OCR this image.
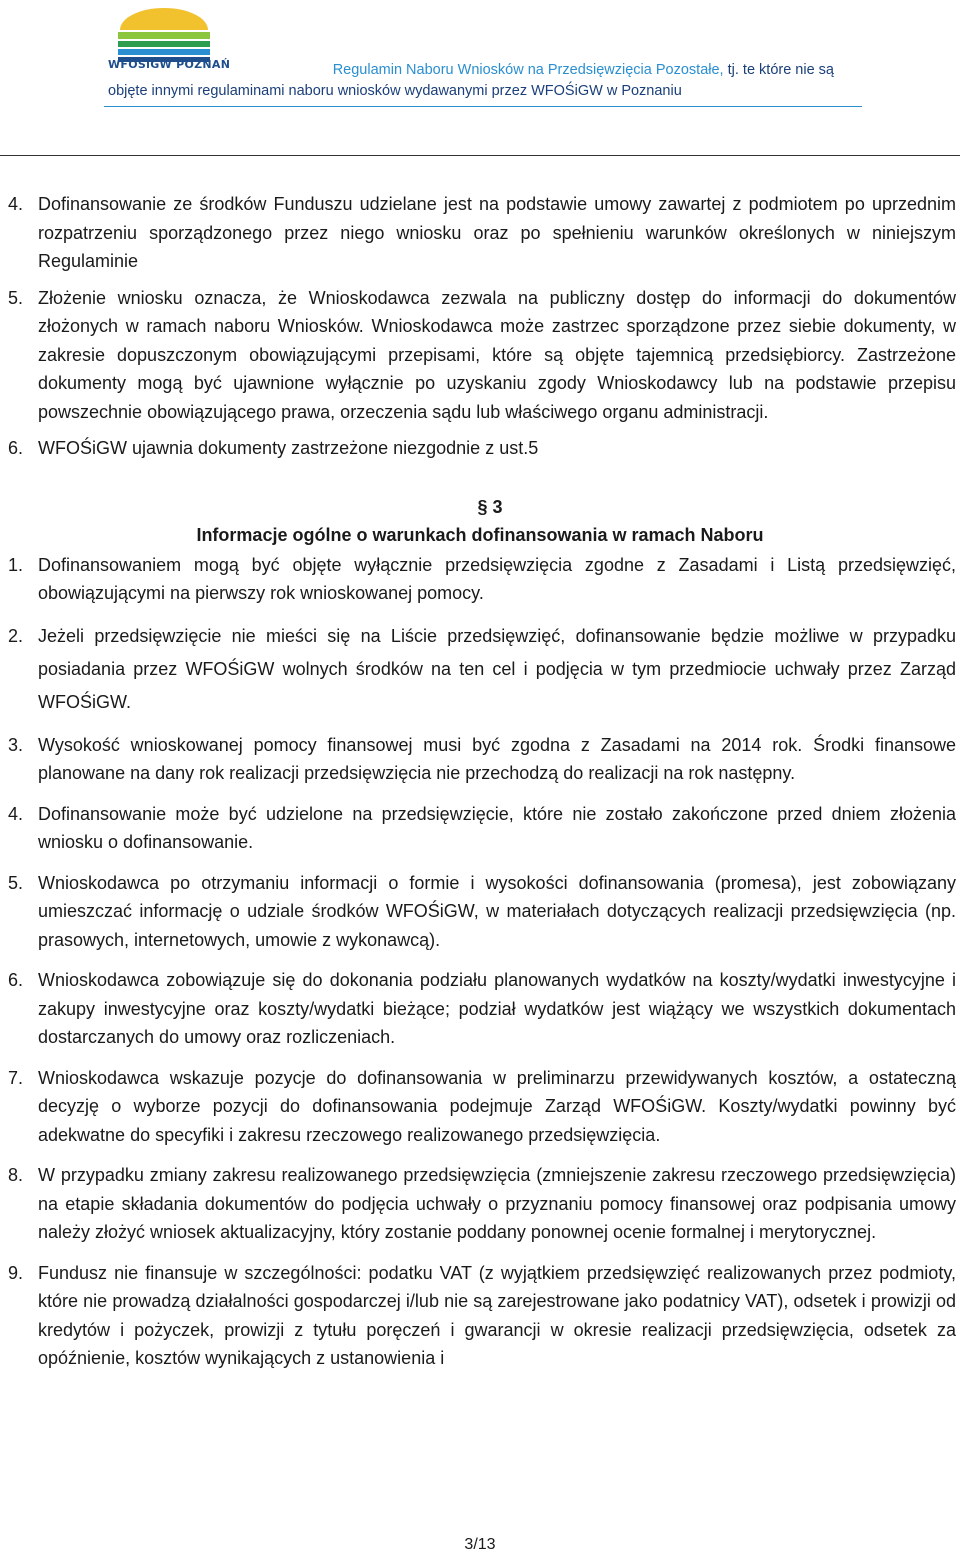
WFOŚiGW POZNAŃ	Regulamin Naboru Wniosków na Przedsięwzięcia Pozostałe, tj. te które nie są
objęte innymi regulaminami naboru wniosków wydawanymi przez WFOŚiGW w Poznaniu
4. Dofinansowanie ze środków Funduszu udzielane jest na podstawie umowy zawartej z podmiotem po uprzednim rozpatrzeniu sporządzonego przez niego wniosku oraz po spełnieniu warunków określonych w niniejszym Regulaminie
5. Złożenie wniosku oznacza, że Wnioskodawca zezwala na publiczny dostęp do informacji do dokumentów złożonych w ramach naboru Wniosków. Wnioskodawca może zastrzec sporządzone przez siebie dokumenty, w zakresie dopuszczonym obowiązującymi przepisami, które są objęte tajemnicą przedsiębiorcy. Zastrzeżone dokumenty mogą być ujawnione wyłącznie po uzyskaniu zgody Wnioskodawcy lub na podstawie przepisu powszechnie obowiązującego prawa, orzeczenia sądu lub właściwego organu administracji.
6. WFOŚiGW ujawnia dokumenty zastrzeżone niezgodnie z ust.5
§ 3
Informacje ogólne o warunkach dofinansowania w ramach Naboru
1. Dofinansowaniem mogą być objęte wyłącznie przedsięwzięcia zgodne z Zasadami i Listą przedsięwzięć, obowiązującymi na pierwszy rok wnioskowanej pomocy.
2. Jeżeli przedsięwzięcie nie mieści się na Liście przedsięwzięć, dofinansowanie będzie możliwe w przypadku posiadania przez WFOŚiGW wolnych środków na ten cel i podjęcia w tym przedmiocie uchwały przez Zarząd WFOŚiGW.
3. Wysokość wnioskowanej pomocy finansowej musi być zgodna z Zasadami na 2014 rok. Środki finansowe planowane na dany rok realizacji przedsięwzięcia nie przechodzą do realizacji na rok następny.
4. Dofinansowanie może być udzielone na przedsięwzięcie, które nie zostało zakończone przed dniem złożenia wniosku o dofinansowanie.
5. Wnioskodawca po otrzymaniu informacji o formie i wysokości dofinansowania (promesa), jest zobowiązany umieszczać informację o udziale środków WFOŚiGW, w materiałach dotyczących realizacji przedsięwzięcia (np. prasowych, internetowych, umowie z wykonawcą).
6. Wnioskodawca zobowiązuje się do dokonania podziału planowanych wydatków na koszty/wydatki inwestycyjne i zakupy inwestycyjne oraz koszty/wydatki bieżące; podział wydatków jest wiążący we wszystkich dokumentach dostarczanych do umowy oraz rozliczeniach.
7. Wnioskodawca wskazuje pozycje do dofinansowania w preliminarzu przewidywanych kosztów, a ostateczną decyzję o wyborze pozycji do dofinansowania podejmuje Zarząd WFOŚiGW. Koszty/wydatki powinny być adekwatne do specyfiki i zakresu rzeczowego realizowanego przedsięwzięcia.
8. W przypadku zmiany zakresu realizowanego przedsięwzięcia (zmniejszenie zakresu rzeczowego przedsięwzięcia) na etapie składania dokumentów do podjęcia uchwały o przyznaniu pomocy finansowej oraz podpisania umowy należy złożyć wniosek aktualizacyjny, który zostanie poddany ponownej ocenie formalnej i merytorycznej.
9. Fundusz nie finansuje w szczególności: podatku VAT (z wyjątkiem przedsięwzięć realizowanych przez podmioty, które nie prowadzą działalności gospodarczej i/lub nie są zarejestrowane jako podatnicy VAT), odsetek i prowizji od kredytów i pożyczek, prowizji z tytułu poręczeń i gwarancji w okresie realizacji przedsięwzięcia, odsetek za opóźnienie, kosztów wynikających z ustanowienia i
3/13
